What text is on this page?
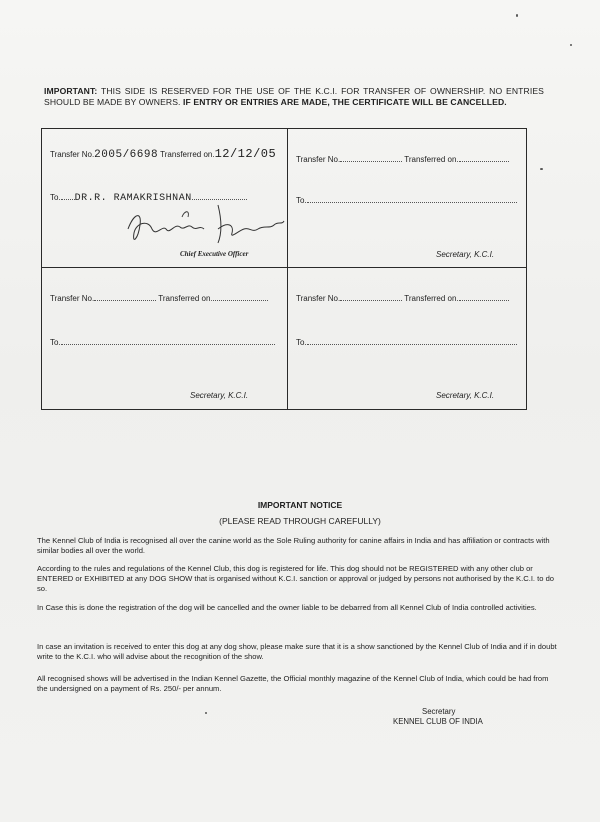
IMPORTANT: THIS SIDE IS RESERVED FOR THE USE OF THE K.C.I. FOR TRANSFER OF OWNERSHIP. NO ENTRIES SHOULD BE MADE BY OWNERS. IF ENTRY OR ENTRIES ARE MADE, THE CERTIFICATE WILL BE CANCELLED.
Transfer No.2005/6698 Transferred on.12/12/05
To. DR.R. RAMAKRISHNAN
Chief Executive Officer
Transfer No.	Transferred on.
To.
Secretary, K.C.I.
Transfer No.	Transferred on.
To.
Secretary, K.C.I.
Transfer No.	Transferred on.
To.
Secretary, K.C.I.
IMPORTANT NOTICE
(PLEASE READ THROUGH CAREFULLY)
The Kennel Club of India is recognised all over the canine world as the Sole Ruling authority for canine affairs in India and has affiliation or contracts with similar bodies all over the world.
According to the rules and regulations of the Kennel Club, this dog is registered for life. This dog should not be REGISTERED with any other club or ENTERED or EXHIBITED at any DOG SHOW that is organised without K.C.I. sanction or approval or judged by persons not authorised by the K.C.I. to do so.
In Case this is done the registration of the dog will be cancelled and the owner liable to be debarred from all Kennel Club of India controlled activities.
In case an invitation is received to enter this dog at any dog show, please make sure that it is a show sanctioned by the Kennel Club of India and if in doubt write to the K.C.I. who will advise about the recognition of the show.
All recognised shows will be advertised in the Indian Kennel Gazette, the Official monthly magazine of the Kennel Club of India, which could be had from the undersigned on a payment of Rs. 250/- per annum.
Secretary
KENNEL CLUB OF INDIA
